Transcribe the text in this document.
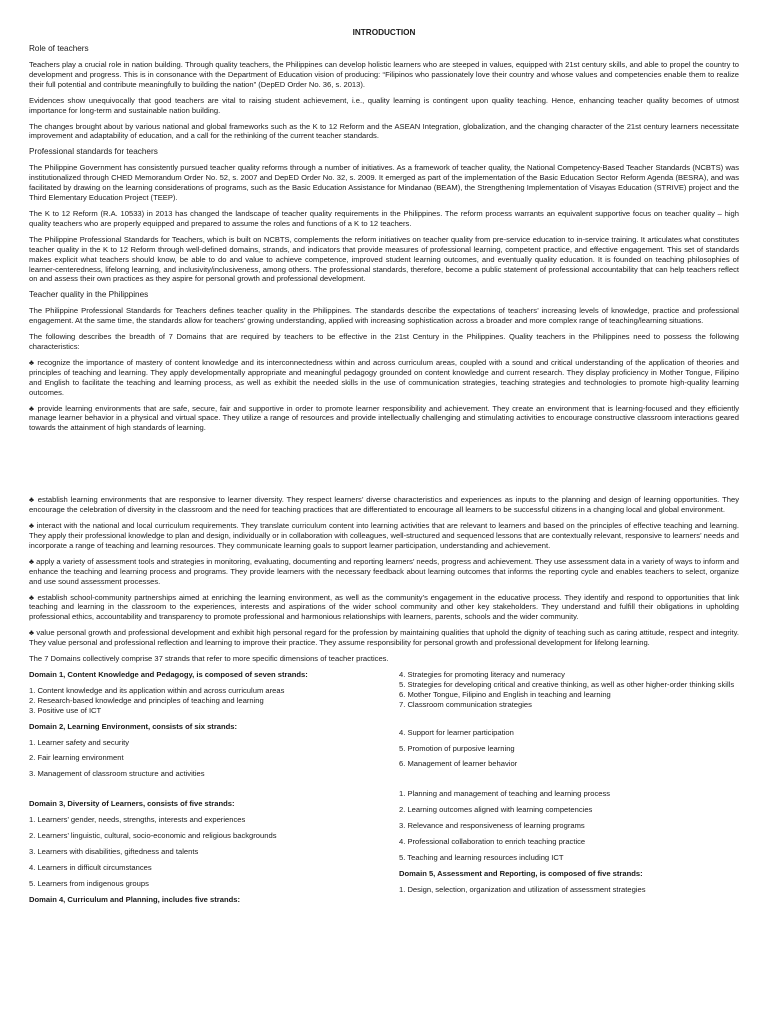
INTRODUCTION
Role of teachers

Teachers play a crucial role in nation building. Through quality teachers, the Philippines can develop holistic learners who are steeped in values, equipped with 21st century skills, and able to propel the country to development and progress. This is in consonance with the Department of Education vision of producing: “Filipinos who passionately love their country and whose values and competencies enable them to realize their full potential and contribute meaningfully to building the nation” (DepED Order No. 36, s. 2013).

Evidences show unequivocally that good teachers are vital to raising student achievement, i.e., quality learning is contingent upon quality teaching. Hence, enhancing teacher quality becomes of utmost importance for long-term and sustainable nation building.

The changes brought about by various national and global frameworks such as the K to 12 Reform and the ASEAN Integration, globalization, and the changing character of the 21st century learners necessitate improvement and adaptability of education, and a call for the rethinking of the current teacher standards.

Professional standards for teachers

The Philippine Government has consistently pursued teacher quality reforms through a number of initiatives. As a framework of teacher quality, the National Competency-Based Teacher Standards (NCBTS) was institutionalized through CHED Memorandum Order No. 52, s. 2007 and DepED Order No. 32, s. 2009. It emerged as part of the implementation of the Basic Education Sector Reform Agenda (BESRA), and was facilitated by drawing on the learning considerations of programs, such as the Basic Education Assistance for Mindanao (BEAM), the Strengthening Implementation of Visayas Education (STRIVE) project and the Third Elementary Education Project (TEEP).

The K to 12 Reform (R.A. 10533) in 2013 has changed the landscape of teacher quality requirements in the Philippines. The reform process warrants an equivalent supportive focus on teacher quality – high quality teachers who are properly equipped and prepared to assume the roles and functions of a K to 12 teachers.

The Philippine Professional Standards for Teachers, which is built on NCBTS, complements the reform initiatives on teacher quality from pre-service education to in-service training. It articulates what constitutes teacher quality in the K to 12 Reform through well-defined domains, strands, and indicators that provide measures of professional learning, competent practice, and effective engagement. This set of standards makes explicit what teachers should know, be able to do and value to achieve competence, improved student learning outcomes, and eventually quality education. It is founded on teaching philosophies of learner-centeredness, lifelong learning, and inclusivity/inclusiveness, among others. The professional standards, therefore, become a public statement of professional accountability that can help teachers reflect on and assess their own practices as they aspire for personal growth and professional development.

Teacher quality in the Philippines

The Philippine Professional Standards for Teachers defines teacher quality in the Philippines. The standards describe the expectations of teachers’ increasing levels of knowledge, practice and professional engagement. At the same time, the standards allow for teachers’ growing understanding, applied with increasing sophistication across a broader and more complex range of teaching/learning situations.

The following describes the breadth of 7 Domains that are required by teachers to be effective in the 21st Century in the Philippines. Quality teachers in the Philippines need to possess the following characteristics:

♣ recognize the importance of mastery of content knowledge and its interconnectedness within and across curriculum areas, coupled with a sound and critical understanding of the application of theories and principles of teaching and learning. They apply developmentally appropriate and meaningful pedagogy grounded on content knowledge and current research. They display proficiency in Mother Tongue, Filipino and English to facilitate the teaching and learning process, as well as exhibit the needed skills in the use of communication strategies, teaching strategies and technologies to promote high-quality learning outcomes.

♣ provide learning environments that are safe, secure, fair and supportive in order to promote learner responsibility and achievement. They create an environment that is learning-focused and they efficiently manage learner behavior in a physical and virtual space. They utilize a range of resources and provide intellectually challenging and stimulating activities to encourage constructive classroom interactions geared towards the attainment of high standards of learning.

♣ establish learning environments that are responsive to learner diversity. They respect learners’ diverse characteristics and experiences as inputs to the planning and design of learning opportunities. They encourage the celebration of diversity in the classroom and the need for teaching practices that are differentiated to encourage all learners to be successful citizens in a changing local and global environment.

♣ interact with the national and local curriculum requirements. They translate curriculum content into learning activities that are relevant to learners and based on the principles of effective teaching and learning. They apply their professional knowledge to plan and design, individually or in collaboration with colleagues, well-structured and sequenced lessons that are contextually relevant, responsive to learners’ needs and incorporate a range of teaching and learning resources. They communicate learning goals to support learner participation, understanding and achievement.

♣ apply a variety of assessment tools and strategies in monitoring, evaluating, documenting and reporting learners’ needs, progress and achievement. They use assessment data in a variety of ways to inform and enhance the teaching and learning process and programs. They provide learners with the necessary feedback about learning outcomes that informs the reporting cycle and enables teachers to select, organize and use sound assessment processes.

♣ establish school-community partnerships aimed at enriching the learning environment, as well as the community’s engagement in the educative process. They identify and respond to opportunities that link teaching and learning in the classroom to the experiences, interests and aspirations of the wider school community and other key stakeholders. They understand and fulfill their obligations in upholding professional ethics, accountability and transparency to promote professional and harmonious relationships with learners, parents, schools and the wider community.

♣ value personal growth and professional development and exhibit high personal regard for the profession by maintaining qualities that uphold the dignity of teaching such as caring attitude, respect and integrity. They value personal and professional reflection and learning to improve their practice. They assume responsibility for personal growth and professional development for lifelong learning.

The 7 Domains collectively comprise 37 strands that refer to more specific dimensions of teacher practices.

Domain 1, Content Knowledge and Pedagogy, is composed of seven strands:

1. Content knowledge and its application within and across curriculum areas

2. Research-based knowledge and principles of teaching and learning

3. Positive use of ICT

Domain 2, Learning Environment, consists of six strands:

1. Learner safety and security

2. Fair learning environment

3. Management of classroom structure and activities

Domain 3, Diversity of Learners, consists of five strands:

1. Learners’ gender, needs, strengths, interests and experiences

2. Learners’ linguistic, cultural, socio-economic and religious backgrounds

3. Learners with disabilities, giftedness and talents

4. Learners in difficult circumstances

5. Learners from indigenous groups

Domain 4, Curriculum and Planning, includes five strands:

4. Strategies for promoting literacy and numeracy

5. Strategies for developing critical and creative thinking, as well as other higher-order thinking skills

6. Mother Tongue, Filipino and English in teaching and learning

7. Classroom communication strategies

4. Support for learner participation

5. Promotion of purposive learning

6. Management of learner behavior

1. Planning and management of teaching and learning process

2. Learning outcomes aligned with learning competencies

3. Relevance and responsiveness of learning programs

4. Professional collaboration to enrich teaching practice

5. Teaching and learning resources including ICT

Domain 5, Assessment and Reporting, is composed of five strands:

1. Design, selection, organization and utilization of assessment strategies
